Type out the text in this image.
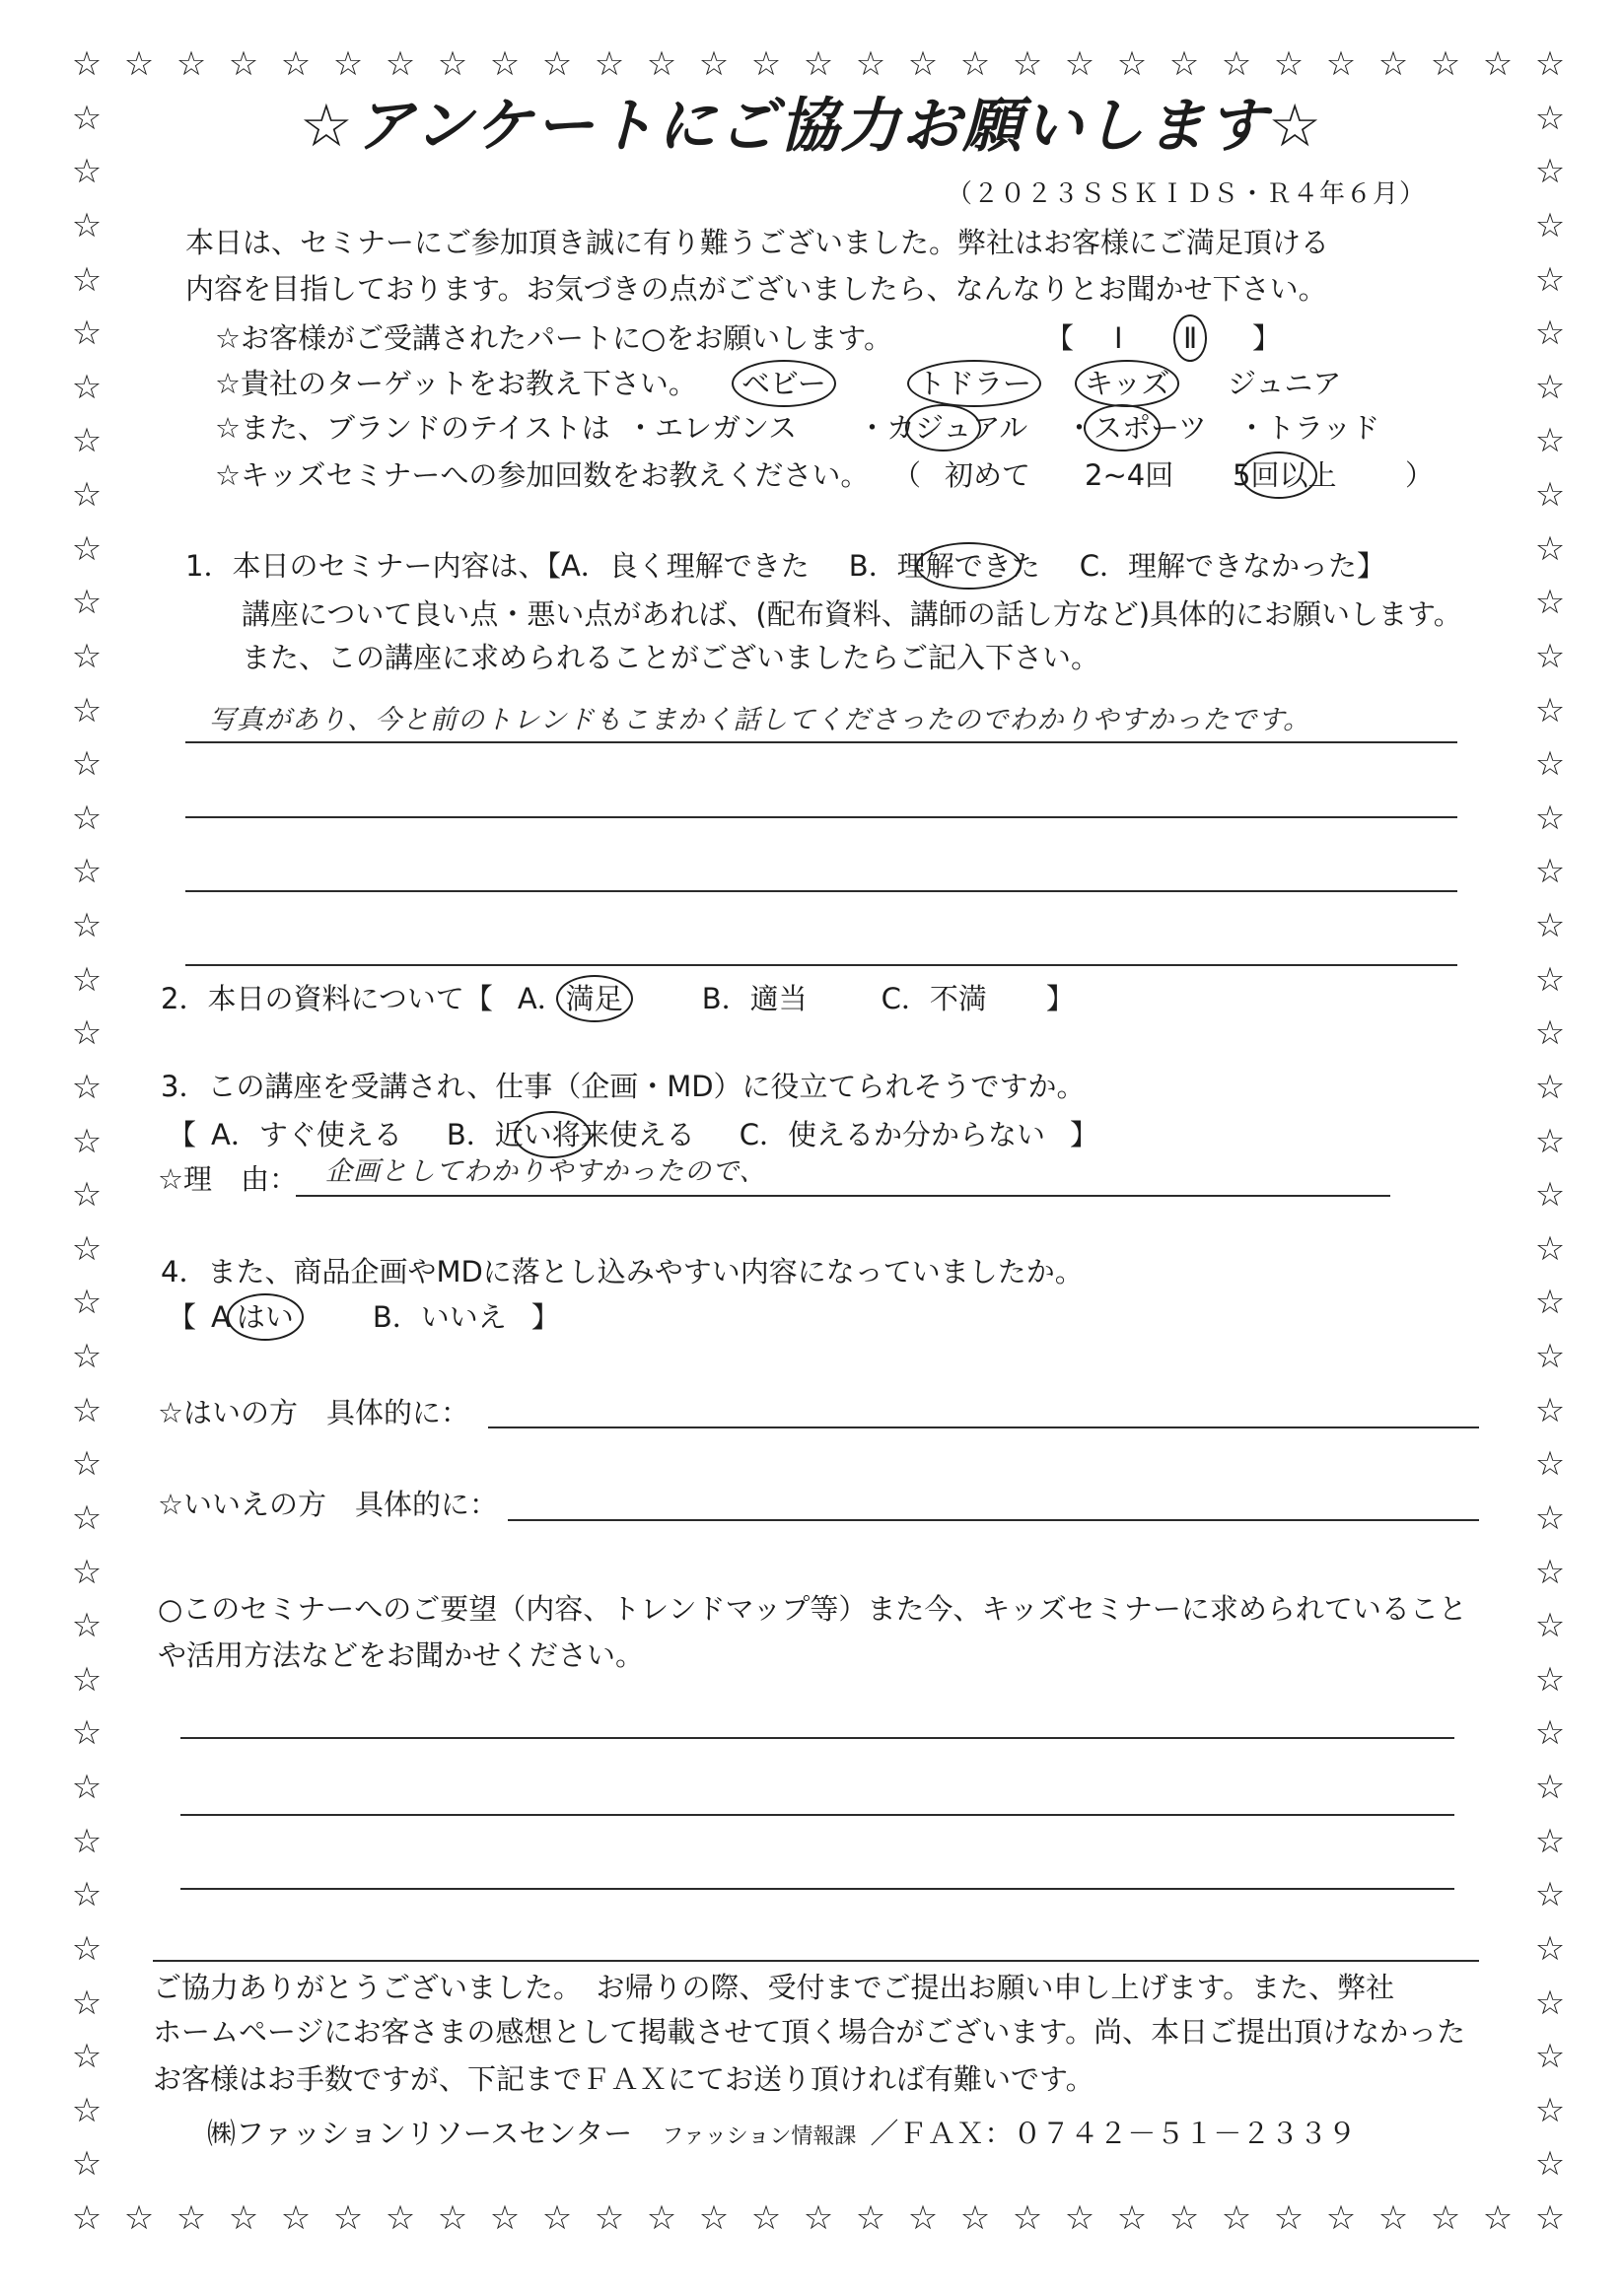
☆
☆
☆
☆
☆
☆
☆
☆
☆
☆
☆
☆
☆
☆
☆
☆
☆
☆
☆
☆
☆
☆
☆
☆
☆
☆
☆
☆
☆
☆
☆
☆
☆
☆
☆
☆
☆
☆
☆
☆
☆
☆
☆
☆
☆
☆
☆
☆
☆
☆
☆
☆
☆
☆
☆
☆
☆
☆
☆	☆
☆	☆
☆	☆
☆	☆
☆	☆
☆	☆
☆	☆
☆	☆
☆	☆
☆	☆
☆	☆
☆	☆
☆	☆
☆	☆
☆	☆
☆	☆
☆	☆
☆	☆
☆	☆
☆	☆
☆	☆
☆	☆
☆	☆
☆	☆
☆	☆
☆	☆
☆	☆
☆	☆
☆	☆
☆	☆
☆	☆
☆	☆
☆	☆
☆	☆
☆	☆
☆	☆
☆	☆
☆	☆
☆	☆
☆アンケートにご協力お願いします☆
（２０２３ＳＳＫＩＤＳ・Ｒ４年６月）
本日は、セミナーにご参加頂き誠に有り難うございました。弊社はお客様にご満足頂ける
内容を目指しております。お気づきの点がございましたら、なんなりとお聞かせ下さい。
☆お客様がご受講されたパートに○をお願いします。	【 Ⅰ Ⅱ 】
☆貴社のターゲットをお教え下さい。 ベビー	トドラー キッズ ジュニア
☆また、ブランドのテイストは ・エレガンス ・カジュアル ・スポーツ ・トラッド
☆キッズセミナーへの参加回数をお教えください。 （ 初めて 2~4回 5回以上 ）
1．本日のセミナー内容は、【A．良く理解できた B．理解できた C．理解できなかった】
講座について良い点・悪い点があれば、(配布資料、講師の話し方など)具体的にお願いします。
また、この講座に求められることがございましたらご記入下さい。
写真があり、今と前のトレンドもこまかく話してくださったのでわかりやすかったです。
2．本日の資料について【 A．満足	B．適当	C．不満 】
3．この講座を受講され、仕事（企画・MD）に役立てられそうですか。
【 A．すぐ使える B．近い将来使える C．使えるか分からない 】
☆理　由： 企画としてわかりやすかったので、
4．また、商品企画やMDに落とし込みやすい内容になっていましたか。
【 A はい	B．いいえ 】
☆はいの方　具体的に：
☆いいえの方　具体的に：
○このセミナーへのご要望（内容、トレンドマップ等）また今、キッズセミナーに求められていること
や活用方法などをお聞かせください。
ご協力ありがとうございました。　お帰りの際、受付までご提出お願い申し上げます。また、弊社
ホームページにお客さまの感想として掲載させて頂く場合がございます。尚、本日ご提出頂けなかった
お客様はお手数ですが、下記までＦＡＸにてお送り頂ければ有難いです。
㈱ファッションリソースセンター ファッション情報課 ／ＦＡＸ：０７４２－５１－２３３９
